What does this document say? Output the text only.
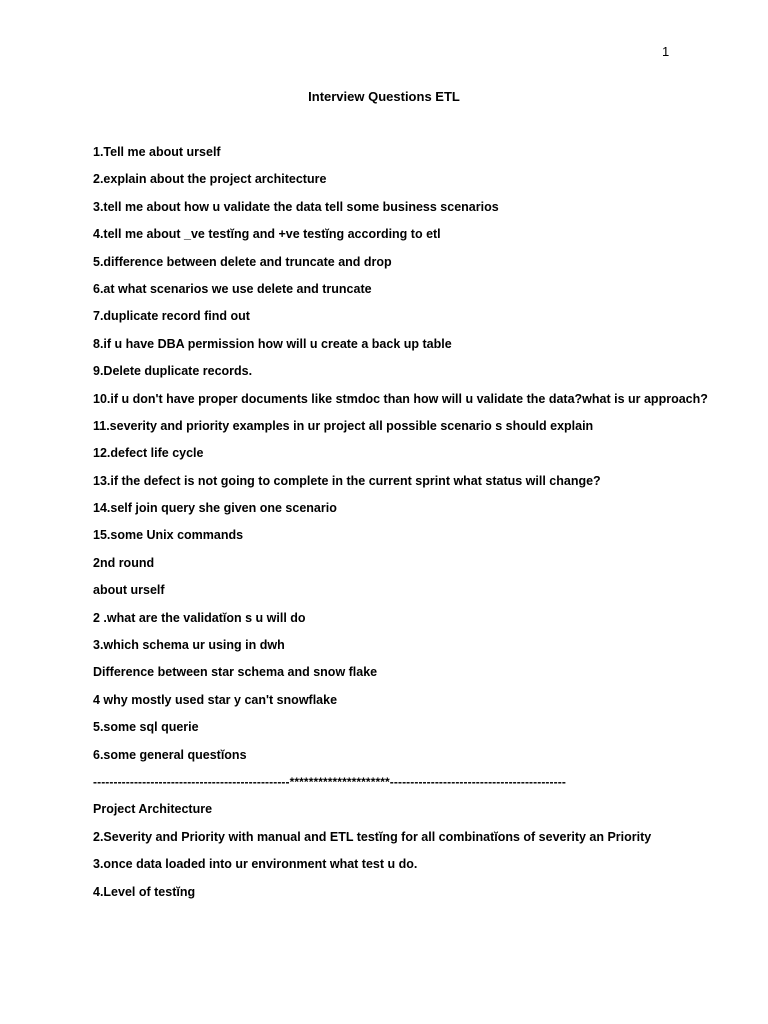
1
Interview Questions ETL
1.Tell me about urself
2.explain about the project architecture
3.tell me about how u validate the data tell some business scenarios
4.tell me about _ve testĭng and +ve testĭng according to etl
5.difference between delete and truncate and drop
6.at what scenarios we use delete and truncate
7.duplicate record find out
8.if u have DBA permission how will u create a back up table
9.Delete duplicate records.
10.if u don't have proper documents like stmdoc than how will u validate the data?what is ur approach?
11.severity and priority examples in ur project all possible scenario s should explain
12.defect life cycle
13.if the defect is not going to complete in the current sprint what status will change?
14.self join query she given one scenario
15.some Unix commands
2nd round
about urself
2 .what are the validatĭon s u will do
3.which schema ur using in dwh
Difference between star schema and snow flake
4 why mostly used star y can't snowflake
5.some sql querie
6.some general questĭons
------------------------------------------------*********************-------------------------------------------
Project Architecture
2.Severity and Priority with manual and ETL testĭng for all combinatĭons of severity an Priority
3.once data loaded into ur environment what test u do.
4.Level of testĭng
